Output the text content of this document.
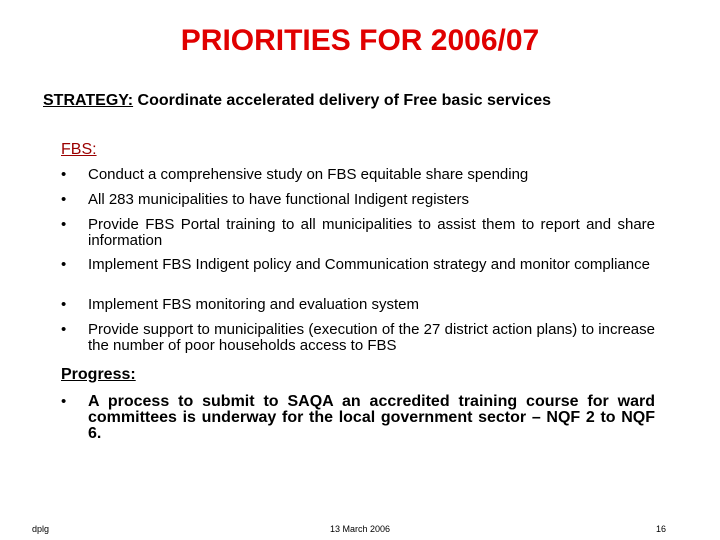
PRIORITIES FOR 2006/07
STRATEGY: Coordinate accelerated delivery of Free basic services
FBS:
•	Conduct a comprehensive study on FBS equitable share spending
•	All 283 municipalities to have functional Indigent registers
•	Provide FBS Portal training to all municipalities to assist them to report and share information
•	Implement FBS Indigent policy and Communication strategy and monitor compliance
•	Implement FBS monitoring and evaluation system
•	Provide support to municipalities (execution of the 27 district action plans) to increase the number of poor households access to FBS
Progress:
•	A process to submit to SAQA an accredited training course for ward committees is underway for the local government sector – NQF 2 to NQF 6.
dplg	13 March 2006	16
